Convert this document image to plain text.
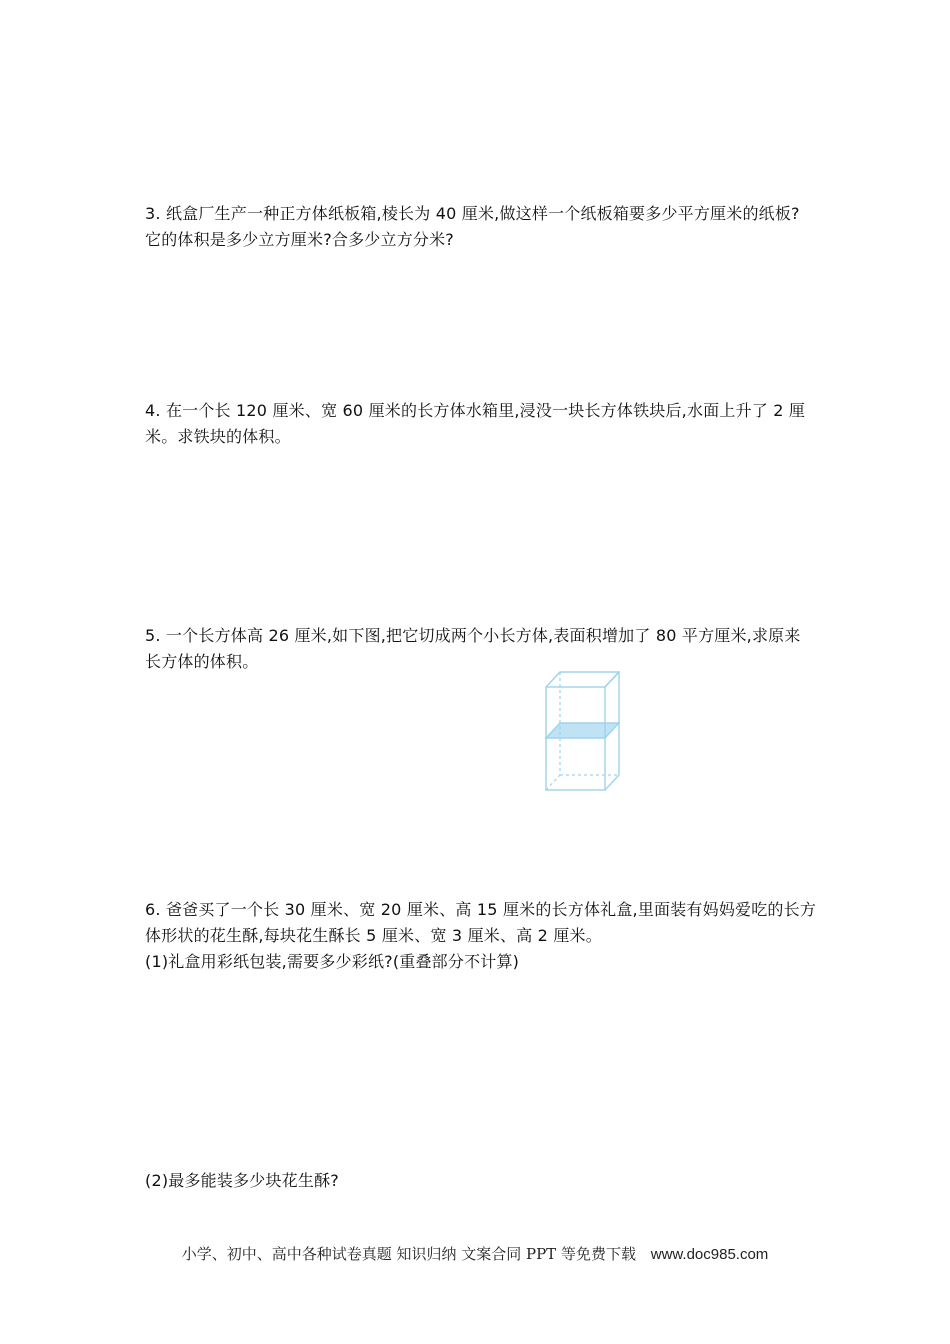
3. 纸盒厂生产一种正方体纸板箱,棱长为 40 厘米,做这样一个纸板箱要多少平方厘米的纸板?
它的体积是多少立方厘米?合多少立方分米?
4. 在一个长 120 厘米、宽 60 厘米的长方体水箱里,浸没一块长方体铁块后,水面上升了 2 厘
米。求铁块的体积。
5. 一个长方体高 26 厘米,如下图,把它切成两个小长方体,表面积增加了 80 平方厘米,求原来
长方体的体积。
6. 爸爸买了一个长 30 厘米、宽 20 厘米、高 15 厘米的长方体礼盒,里面装有妈妈爱吃的长方
体形状的花生酥,每块花生酥长 5 厘米、宽 3 厘米、高 2 厘米。
(1)礼盒用彩纸包装,需要多少彩纸?(重叠部分不计算)
(2)最多能装多少块花生酥?
小学、初中、高中各种试卷真题 知识归纳 文案合同 PPT 等免费下载 www.doc985.com
